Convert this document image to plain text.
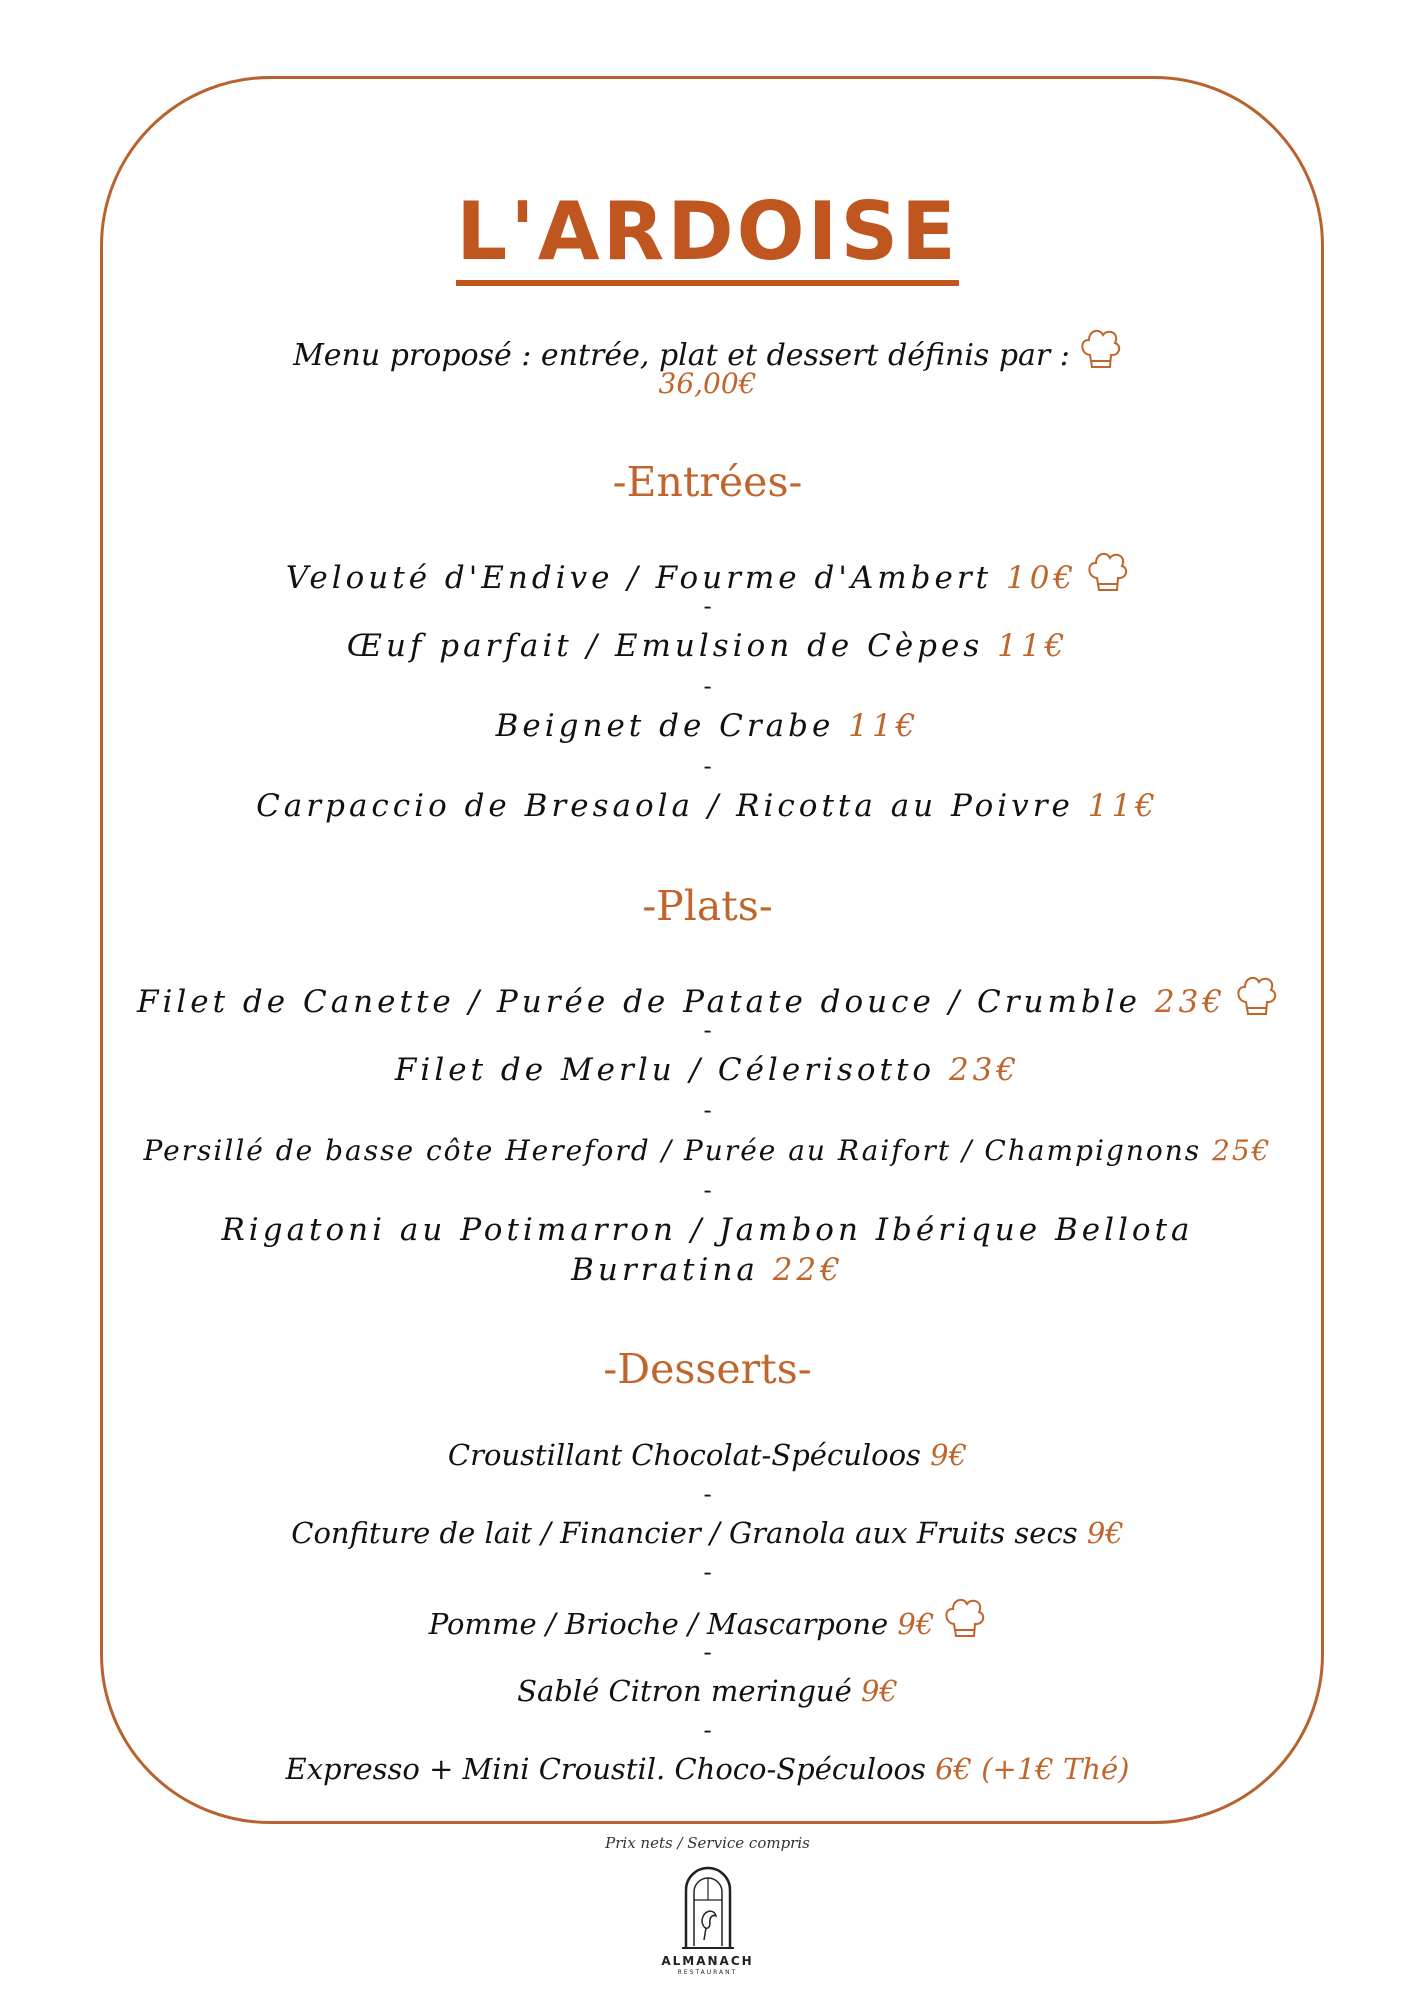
L'ARDOISE
Menu proposé : entrée, plat et dessert définis par :
36,00€
-Entrées-
Velouté d'Endive / Fourme d'Ambert 10€
-
Œuf parfait / Emulsion de Cèpes 11€
-
Beignet de Crabe 11€
-
Carpaccio de Bresaola / Ricotta au Poivre 11€
-Plats-
Filet de Canette / Purée de Patate douce / Crumble 23€
-
Filet de Merlu / Célerisotto 23€
-
Persillé de basse côte Hereford / Purée au Raifort / Champignons 25€
-
Rigatoni au Potimarron / Jambon Ibérique Bellota
Burratina 22€
-Desserts-
Croustillant Chocolat-Spéculoos 9€
-
Confiture de lait / Financier / Granola aux Fruits secs 9€
-
Pomme / Brioche / Mascarpone 9€
-
Sablé Citron meringué 9€
-
Expresso + Mini Croustil. Choco-Spéculoos 6€ (+1€ Thé)
Prix nets / Service compris
ALMANACH
RESTAURANT
